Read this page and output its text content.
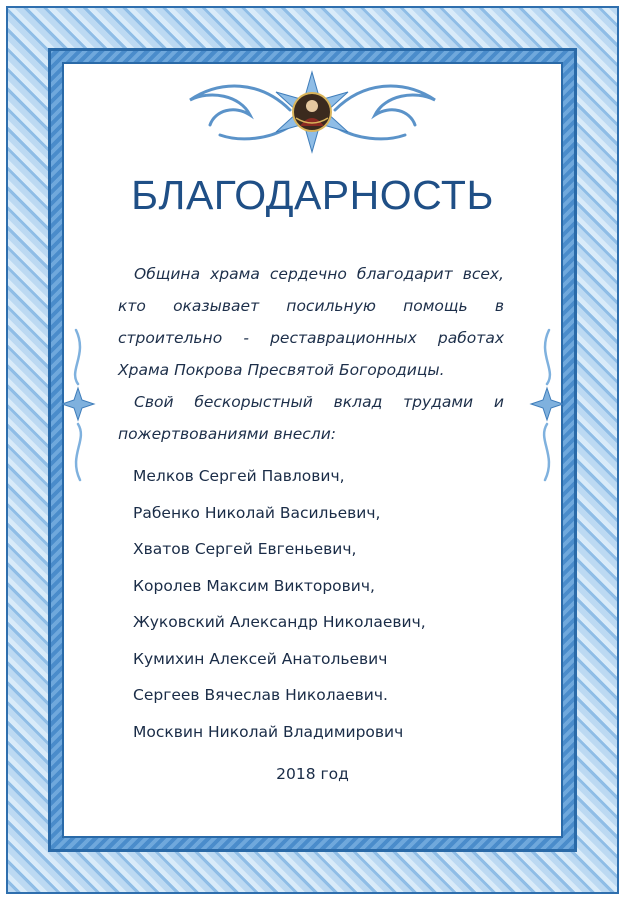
БЛАГОДАРНОСТЬ

Община храма сердечно благодарит всех, кто оказывает посильную помощь в строительно - реставрационных работах Храма Покрова Пресвятой Богородицы.

Свой бескорыстный вклад трудами и пожертвованиями внесли:

Мелков Сергей Павлович,
Рабенко Николай Васильевич,
Хватов Сергей Евгеньевич,
Королев Максим Викторович,
Жуковский Александр Николаевич,
Кумихин Алексей Анатольевич
Сергеев Вячеслав Николаевич.
Москвин Николай Владимирович
2018 год
